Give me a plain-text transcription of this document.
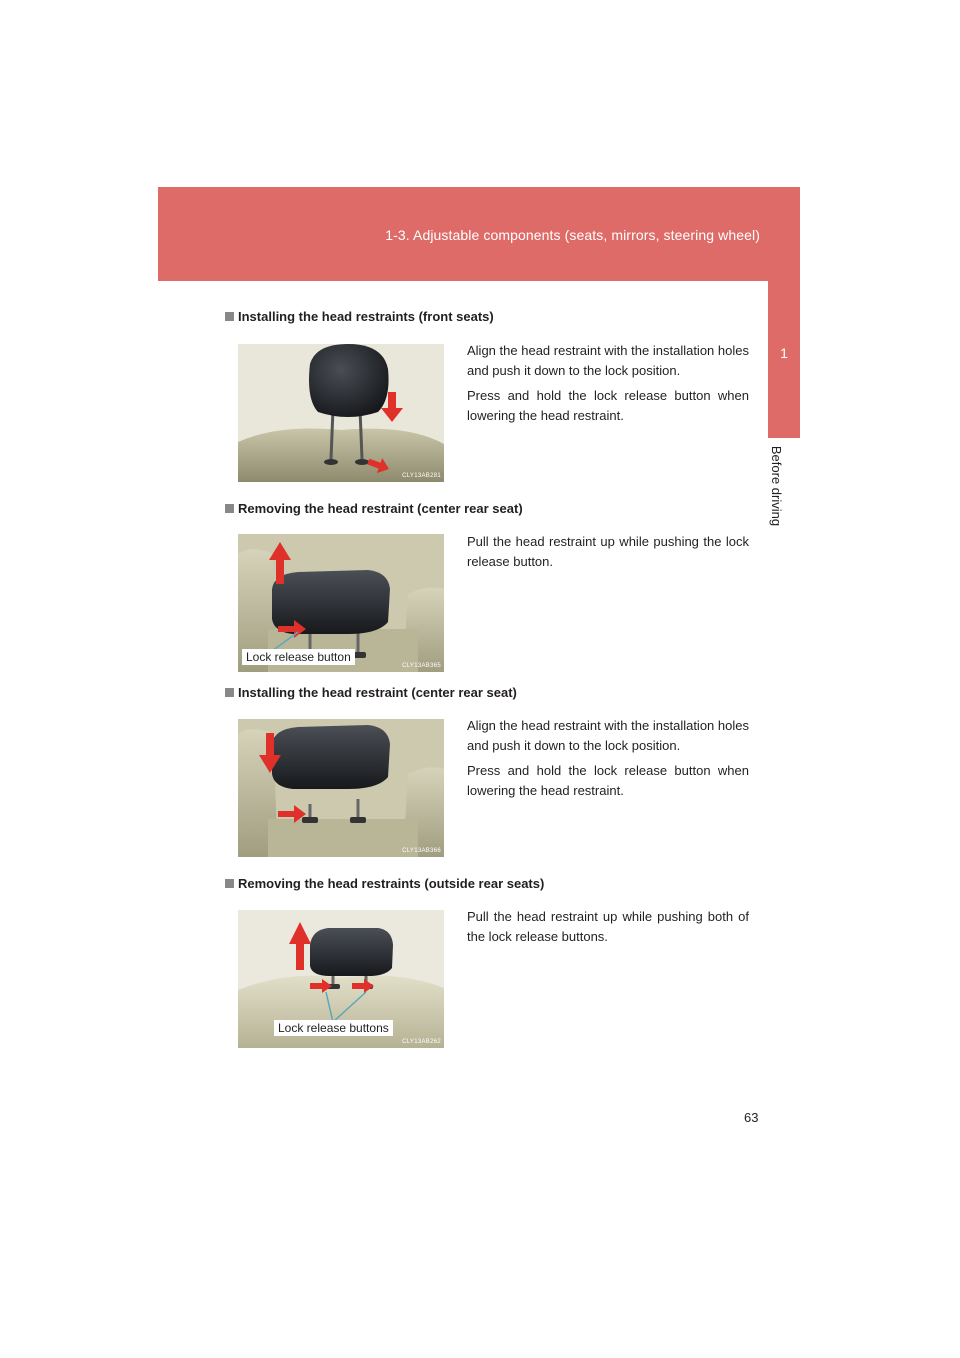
1-3. Adjustable components (seats, mirrors, steering wheel)
1
Before driving
Installing the head restraints (front seats)
CLY13AB281

Align the head restraint with the installation holes and push it down to the lock position.

Press and hold the lock release button when lowering the head restraint.

Removing the head restraint (center rear seat)
CLY13AB365
Lock release button

Pull the head restraint up while pushing the lock release button.

Installing the head restraint (center rear seat)
CLY13AB366

Align the head restraint with the installation holes and push it down to the lock position.

Press and hold the lock release button when lowering the head restraint.

Removing the head restraints (outside rear seats)
CLY13AB262
Lock release buttons

Pull the head restraint up while pushing both of the lock release buttons.

63
